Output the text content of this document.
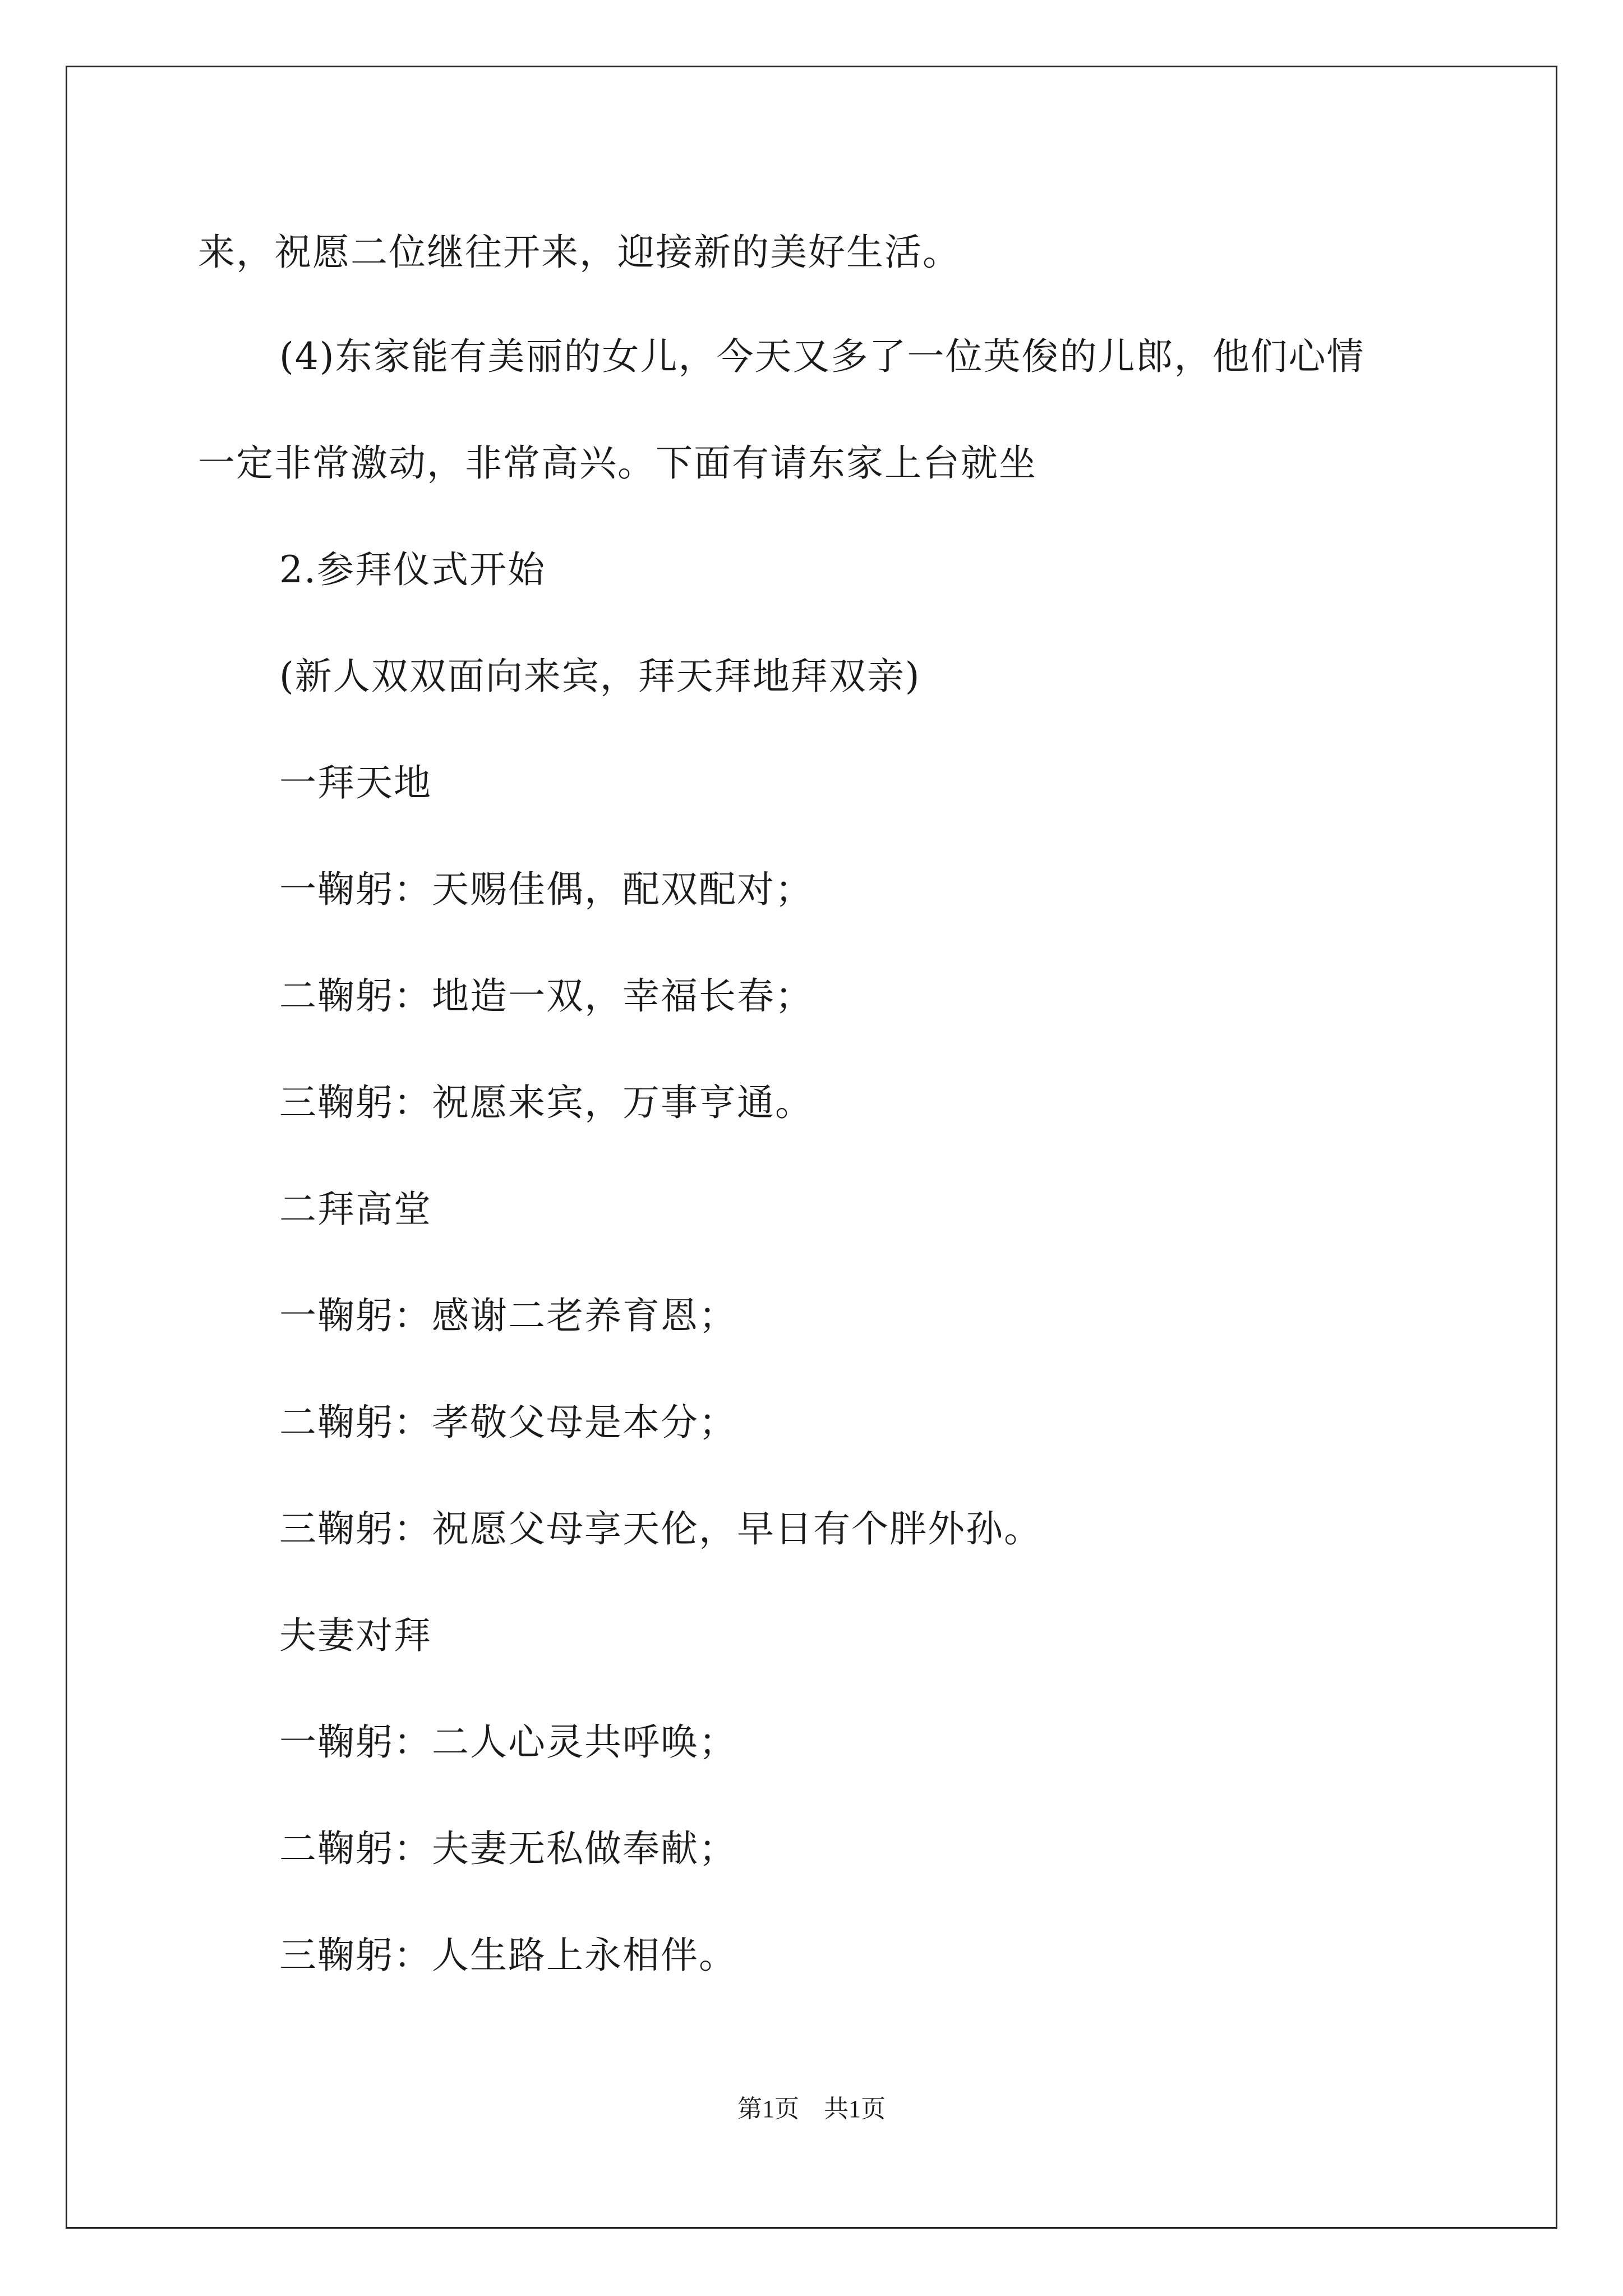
来，祝愿二位继往开来，迎接新的美好生活。
(4)东家能有美丽的女儿，今天又多了一位英俊的儿郎，他们心情
一定非常激动，非常高兴。下面有请东家上台就坐
2.参拜仪式开始
(新人双双面向来宾，拜天拜地拜双亲)
一拜天地
一鞠躬：天赐佳偶，配双配对；
二鞠躬：地造一双，幸福长春；
三鞠躬：祝愿来宾，万事亨通。
二拜高堂
一鞠躬：感谢二老养育恩；
二鞠躬：孝敬父母是本分；
三鞠躬：祝愿父母享天伦，早日有个胖外孙。
夫妻对拜
一鞠躬：二人心灵共呼唤；
二鞠躬：夫妻无私做奉献；
三鞠躬：人生路上永相伴。
第1页　共1页
